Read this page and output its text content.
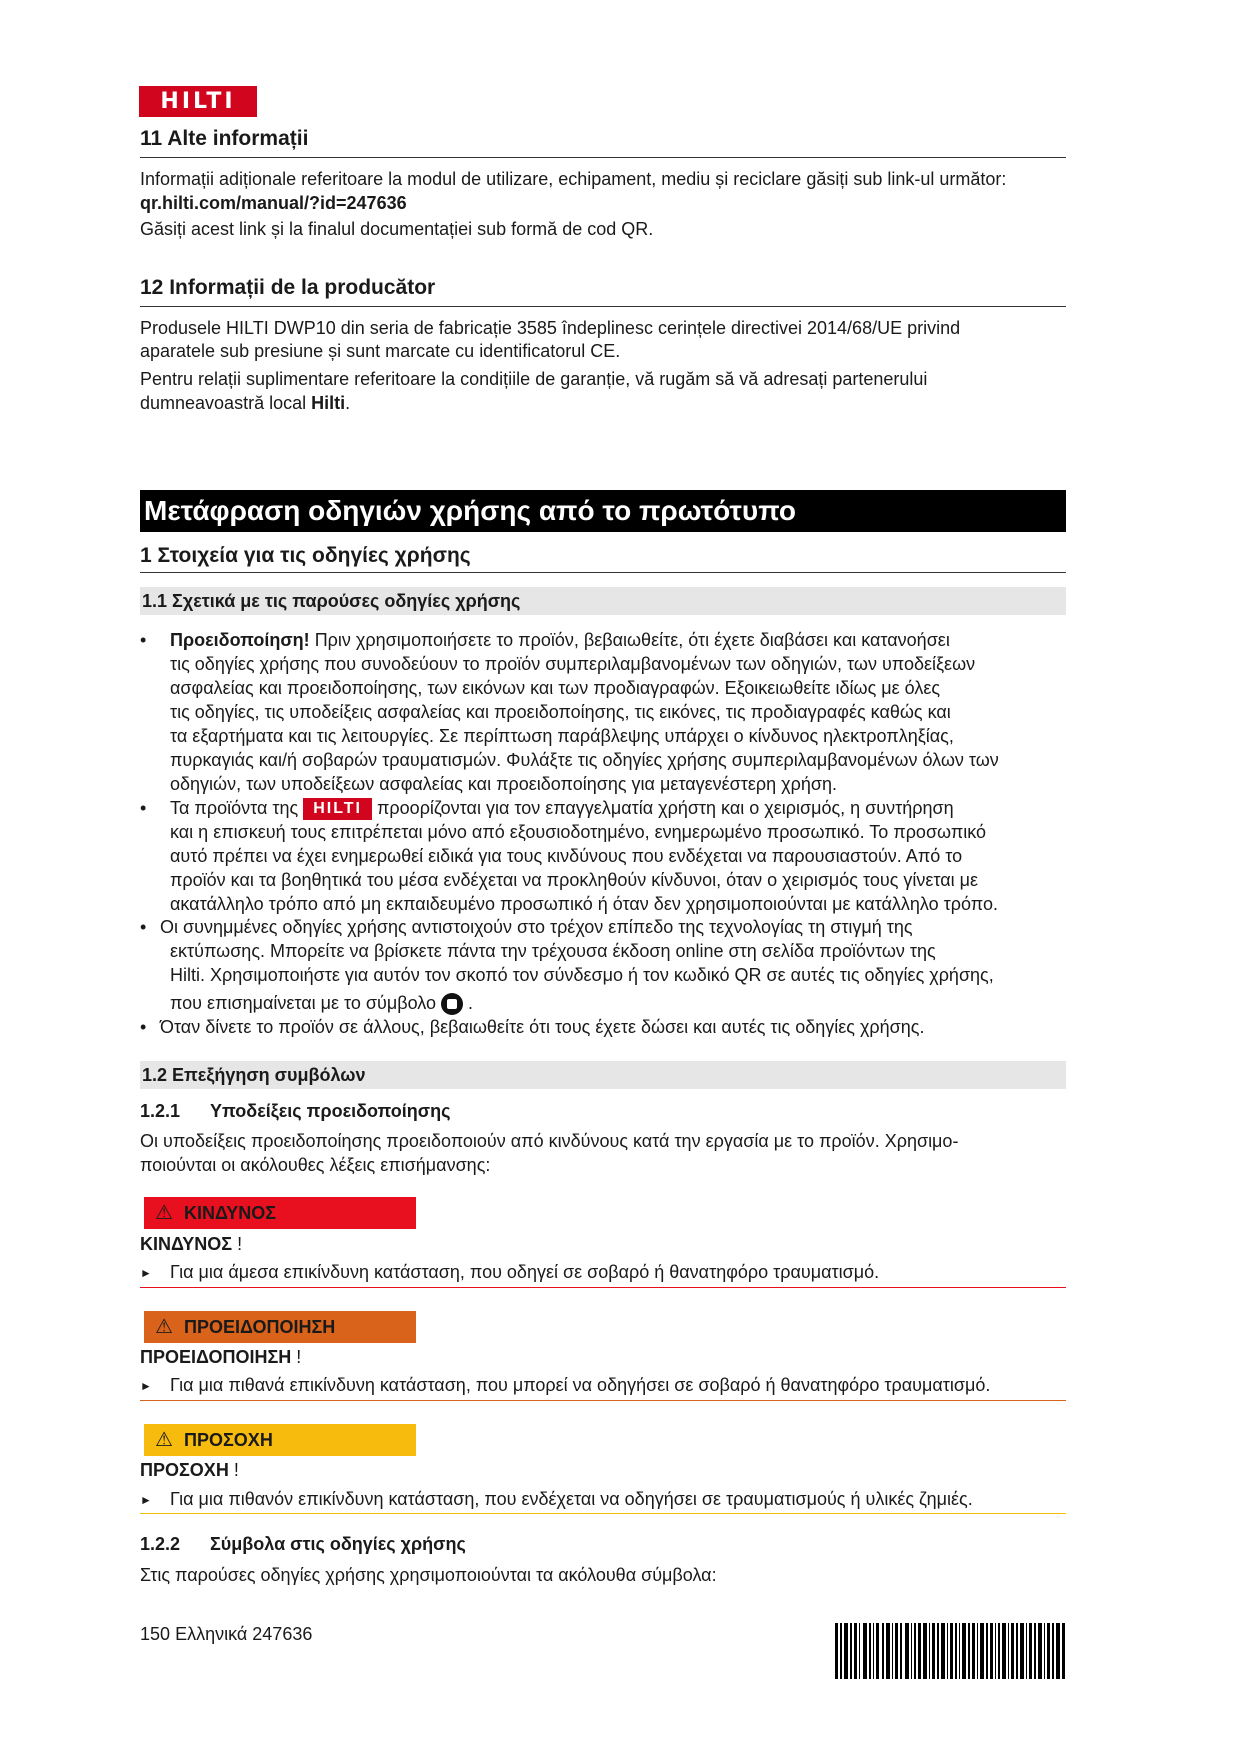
HILTI
11 Alte informații
Informații adiționale referitoare la modul de utilizare, echipament, mediu și reciclare găsiți sub link-ul următor:
qr.hilti.com/manual/?id=247636
Găsiți acest link și la finalul documentației sub formă de cod QR.
12 Informații de la producător
Produsele HILTI DWP10 din seria de fabricație 3585 îndeplinesc cerințele directivei 2014/68/UE privind
aparatele sub presiune și sunt marcate cu identificatorul CE.
Pentru relații suplimentare referitoare la condițiile de garanție, vă rugăm să vă adresați partenerului
dumneavoastră local Hilti.
Μετάφραση οδηγιών χρήσης από το πρωτότυπο
1 Στοιχεία για τις οδηγίες χρήσης
1.1 Σχετικά με τις παρούσες οδηγίες χρήσης
•	Προειδοποίηση! Πριν χρησιμοποιήσετε το προϊόν, βεβαιωθείτε, ότι έχετε διαβάσει και κατανοήσει
τις οδηγίες χρήσης που συνοδεύουν το προϊόν συμπεριλαμβανομένων των οδηγιών, των υποδείξεων
ασφαλείας και προειδοποίησης, των εικόνων και των προδιαγραφών. Εξοικειωθείτε ιδίως με όλες
τις οδηγίες, τις υποδείξεις ασφαλείας και προειδοποίησης, τις εικόνες, τις προδιαγραφές καθώς και
τα εξαρτήματα και τις λειτουργίες. Σε περίπτωση παράβλεψης υπάρχει ο κίνδυνος ηλεκτροπληξίας,
πυρκαγιάς και/ή σοβαρών τραυματισμών. Φυλάξτε τις οδηγίες χρήσης συμπεριλαμβανομένων όλων των
οδηγιών, των υποδείξεων ασφαλείας και προειδοποίησης για μεταγενέστερη χρήση.
•	Τα προϊόντα της HILTI προορίζονται για τον επαγγελματία χρήστη και ο χειρισμός, η συντήρηση
και η επισκευή τους επιτρέπεται μόνο από εξουσιοδοτημένο, ενημερωμένο προσωπικό. Το προσωπικό
αυτό πρέπει να έχει ενημερωθεί ειδικά για τους κινδύνους που ενδέχεται να παρουσιαστούν. Από το
προϊόν και τα βοηθητικά του μέσα ενδέχεται να προκληθούν κίνδυνοι, όταν ο χειρισμός τους γίνεται με
ακατάλληλο τρόπο από μη εκπαιδευμένο προσωπικό ή όταν δεν χρησιμοποιούνται με κατάλληλο τρόπο.
• Οι συνημμένες οδηγίες χρήσης αντιστοιχούν στο τρέχον επίπεδο της τεχνολογίας τη στιγμή της
εκτύπωσης. Μπορείτε να βρίσκετε πάντα την τρέχουσα έκδοση online στη σελίδα προϊόντων της
Hilti. Χρησιμοποιήστε για αυτόν τον σκοπό τον σύνδεσμο ή τον κωδικό QR σε αυτές τις οδηγίες χρήσης,
που επισημαίνεται με το σύμβολο .
• Όταν δίνετε το προϊόν σε άλλους, βεβαιωθείτε ότι τους έχετε δώσει και αυτές τις οδηγίες χρήσης.
1.2 Επεξήγηση συμβόλων
1.2.1 Υποδείξεις προειδοποίησης
Οι υποδείξεις προειδοποίησης προειδοποιούν από κινδύνους κατά την εργασία με το προϊόν. Χρησιμο-
ποιούνται οι ακόλουθες λέξεις επισήμανσης:
⚠ ΚΙΝΔΥΝΟΣ
ΚΙΝΔΥΝΟΣ !
► Για μια άμεσα επικίνδυνη κατάσταση, που οδηγεί σε σοβαρό ή θανατηφόρο τραυματισμό.
⚠ ΠΡΟΕΙΔΟΠΟΙΗΣΗ
ΠΡΟΕΙΔΟΠΟΙΗΣΗ !
► Για μια πιθανά επικίνδυνη κατάσταση, που μπορεί να οδηγήσει σε σοβαρό ή θανατηφόρο τραυματισμό.
⚠ ΠΡΟΣΟΧΗ
ΠΡΟΣΟΧΗ !
► Για μια πιθανόν επικίνδυνη κατάσταση, που ενδέχεται να οδηγήσει σε τραυματισμούς ή υλικές ζημιές.
1.2.2 Σύμβολα στις οδηγίες χρήσης
Στις παρούσες οδηγίες χρήσης χρησιμοποιούνται τα ακόλουθα σύμβολα:
150 Ελληνικά 247636
